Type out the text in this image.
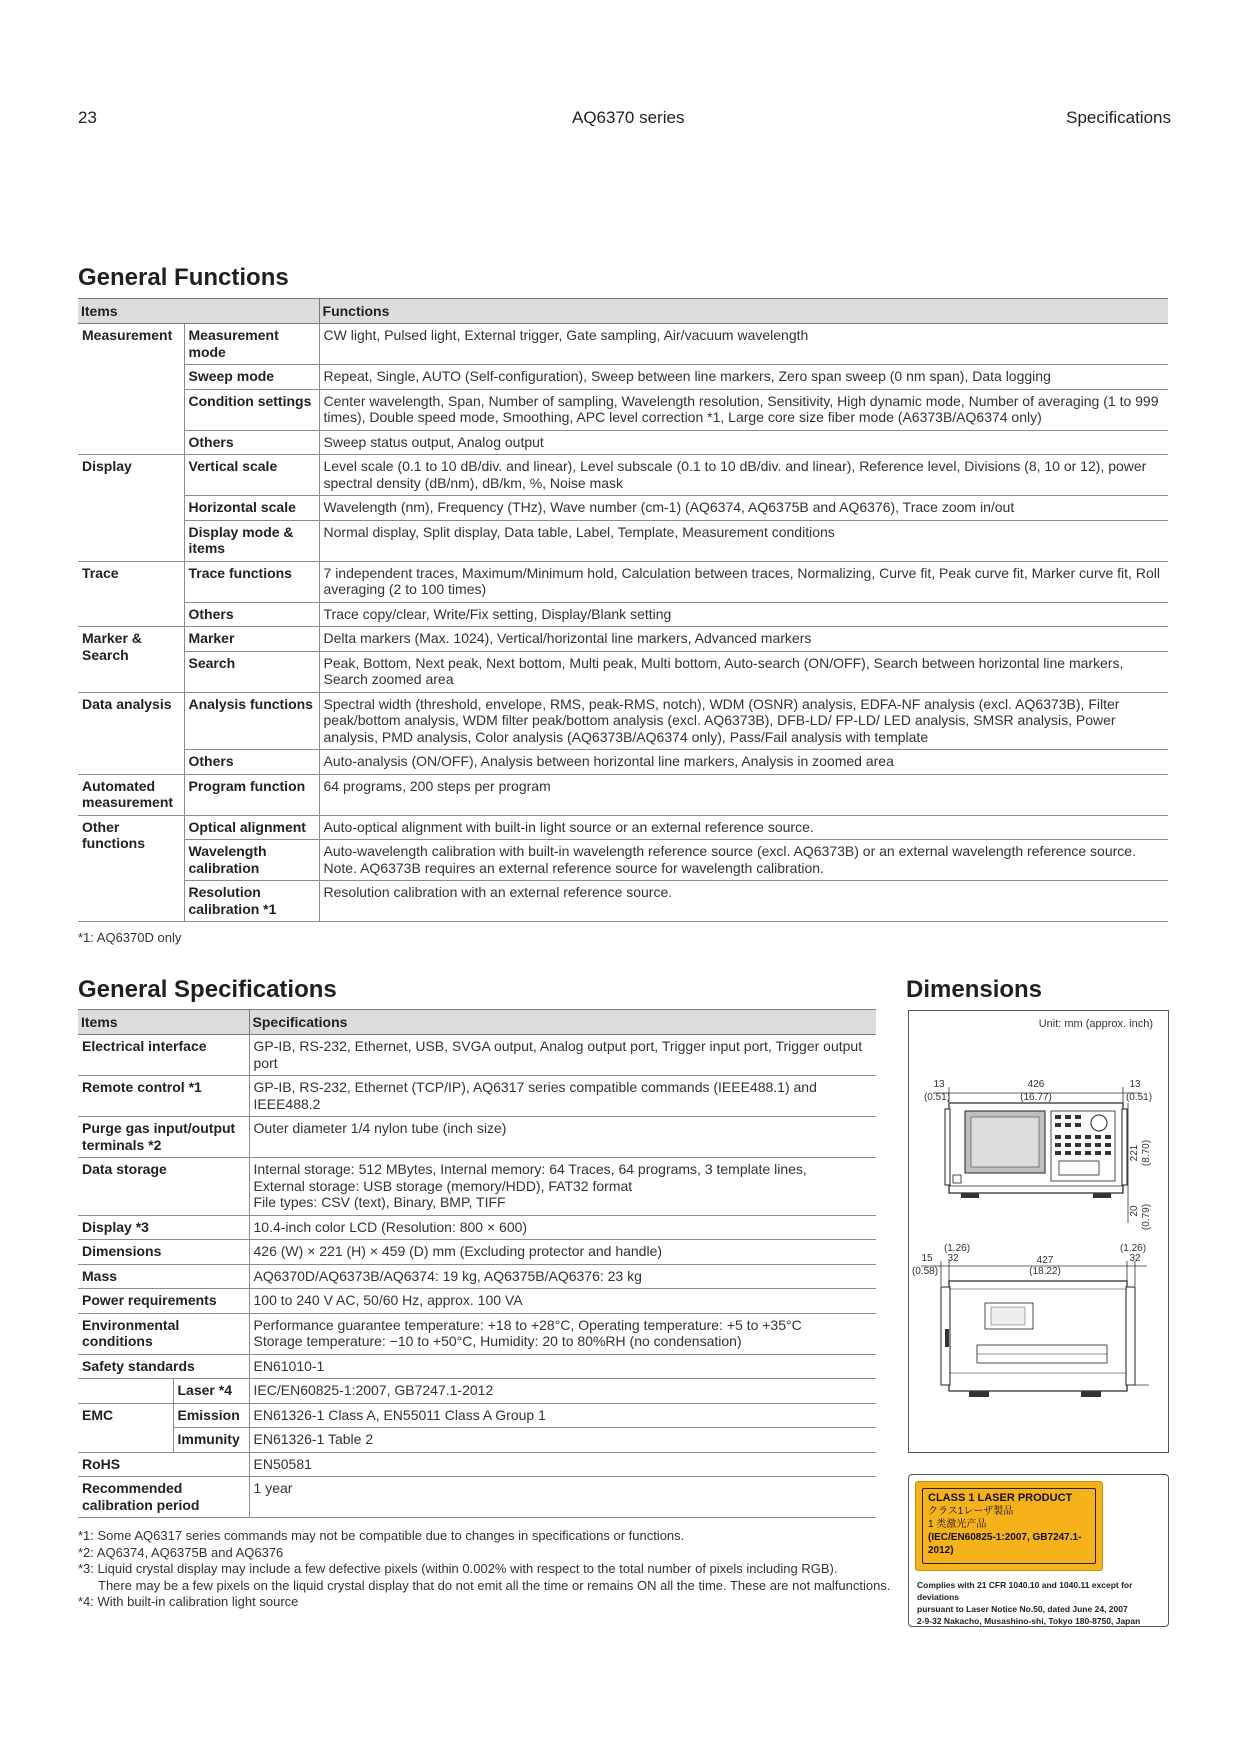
23	AQ6370 series	Specifications
General Functions
Items		Functions
Measurement	Measurement mode	CW light, Pulsed light, External trigger, Gate sampling, Air/vacuum wavelength
	Sweep mode	Repeat, Single, AUTO (Self-configuration), Sweep between line markers, Zero span sweep (0 nm span), Data logging
	Condition settings	Center wavelength, Span, Number of sampling, Wavelength resolution, Sensitivity, High dynamic mode, Number of averaging (1 to 999 times), Double speed mode, Smoothing, APC level correction *1, Large core size fiber mode (A6373B/AQ6374 only)
	Others	Sweep status output, Analog output
Display	Vertical scale	Level scale (0.1 to 10 dB/div. and linear), Level subscale (0.1 to 10 dB/div. and linear), Reference level, Divisions (8, 10 or 12), power spectral density (dB/nm), dB/km, %, Noise mask
	Horizontal scale	Wavelength (nm), Frequency (THz), Wave number (cm-1) (AQ6374, AQ6375B and AQ6376), Trace zoom in/out
	Display mode & items	Normal display, Split display, Data table, Label, Template, Measurement conditions
Trace	Trace functions	7 independent traces, Maximum/Minimum hold, Calculation between traces, Normalizing, Curve fit, Peak curve fit, Marker curve fit, Roll averaging (2 to 100 times)
	Others	Trace copy/clear, Write/Fix setting, Display/Blank setting
Marker & Search	Marker	Delta markers (Max. 1024), Vertical/horizontal line markers, Advanced markers
	Search	Peak, Bottom, Next peak, Next bottom, Multi peak, Multi bottom, Auto-search (ON/OFF), Search between horizontal line markers, Search zoomed area
Data analysis	Analysis functions	Spectral width (threshold, envelope, RMS, peak-RMS, notch), WDM (OSNR) analysis, EDFA-NF analysis (excl. AQ6373B), Filter peak/bottom analysis, WDM filter peak/bottom analysis (excl. AQ6373B), DFB-LD/ FP-LD/ LED analysis, SMSR analysis, Power analysis, PMD analysis, Color analysis (AQ6373B/AQ6374 only), Pass/Fail analysis with template
	Others	Auto-analysis (ON/OFF), Analysis between horizontal line markers, Analysis in zoomed area
Automated measurement	Program function	64 programs, 200 steps per program
Other functions	Optical alignment	Auto-optical alignment with built-in light source or an external reference source.
	Wavelength calibration	Auto-wavelength calibration with built-in wavelength reference source (excl. AQ6373B) or an external wavelength reference source. Note. AQ6373B requires an external reference source for wavelength calibration.
	Resolution calibration *1	Resolution calibration with an external reference source.
*1: AQ6370D only
General Specifications
Items		Specifications
Electrical interface		GP-IB, RS-232, Ethernet, USB, SVGA output, Analog output port, Trigger input port, Trigger output port
Remote control *1		GP-IB, RS-232, Ethernet (TCP/IP), AQ6317 series compatible commands (IEEE488.1) and IEEE488.2
Purge gas input/output terminals *2		Outer diameter 1/4 nylon tube (inch size)
Data storage		Internal storage: 512 MBytes, Internal memory: 64 Traces, 64 programs, 3 template lines,
External storage: USB storage (memory/HDD), FAT32 format
File types: CSV (text), Binary, BMP, TIFF
Display *3		10.4-inch color LCD (Resolution: 800 × 600)
Dimensions		426 (W) × 221 (H) × 459 (D) mm (Excluding protector and handle)
Mass		AQ6370D/AQ6373B/AQ6374: 19 kg, AQ6375B/AQ6376: 23 kg
Power requirements		100 to 240 V AC, 50/60 Hz, approx. 100 VA
Environmental conditions		Performance guarantee temperature: +18 to +28°C, Operating temperature: +5 to +35°C
Storage temperature: −10 to +50°C, Humidity: 20 to 80%RH (no condensation)
Safety standards		EN61010-1
	Laser *4	IEC/EN60825-1:2007, GB7247.1-2012
EMC	Emission	EN61326-1 Class A, EN55011 Class A Group 1
	Immunity	EN61326-1 Table 2
RoHS		EN50581
Recommended calibration period		1 year
*1: Some AQ6317 series commands may not be compatible due to changes in specifications or functions.
*2: AQ6374, AQ6375B and AQ6376
*3: Liquid crystal display may include a few defective pixels (within 0.002% with respect to the total number of pixels including RGB).
There may be a few pixels on the liquid crystal display that do not emit all the time or remains ON all the time. These are not malfunctions.
*4: With built-in calibration light source
Dimensions
Unit: mm (approx. inch)
13
(0.51)
426
(16.77)
13
(0.51)
221 (8.70)
20 (0.79)
(1.26)
15 32
(0.58)
427
(18.22)
(1.26)
32
CLASS 1 LASER PRODUCT
クラス1レーザ製品
1 类激光产品
(IEC/EN60825-1:2007, GB7247.1-2012)
Complies with 21 CFR 1040.10 and 1040.11 except for deviations
pursuant to Laser Notice No.50, dated June 24, 2007
2-9-32 Nakacho, Musashino-shi, Tokyo 180-8750, Japan
